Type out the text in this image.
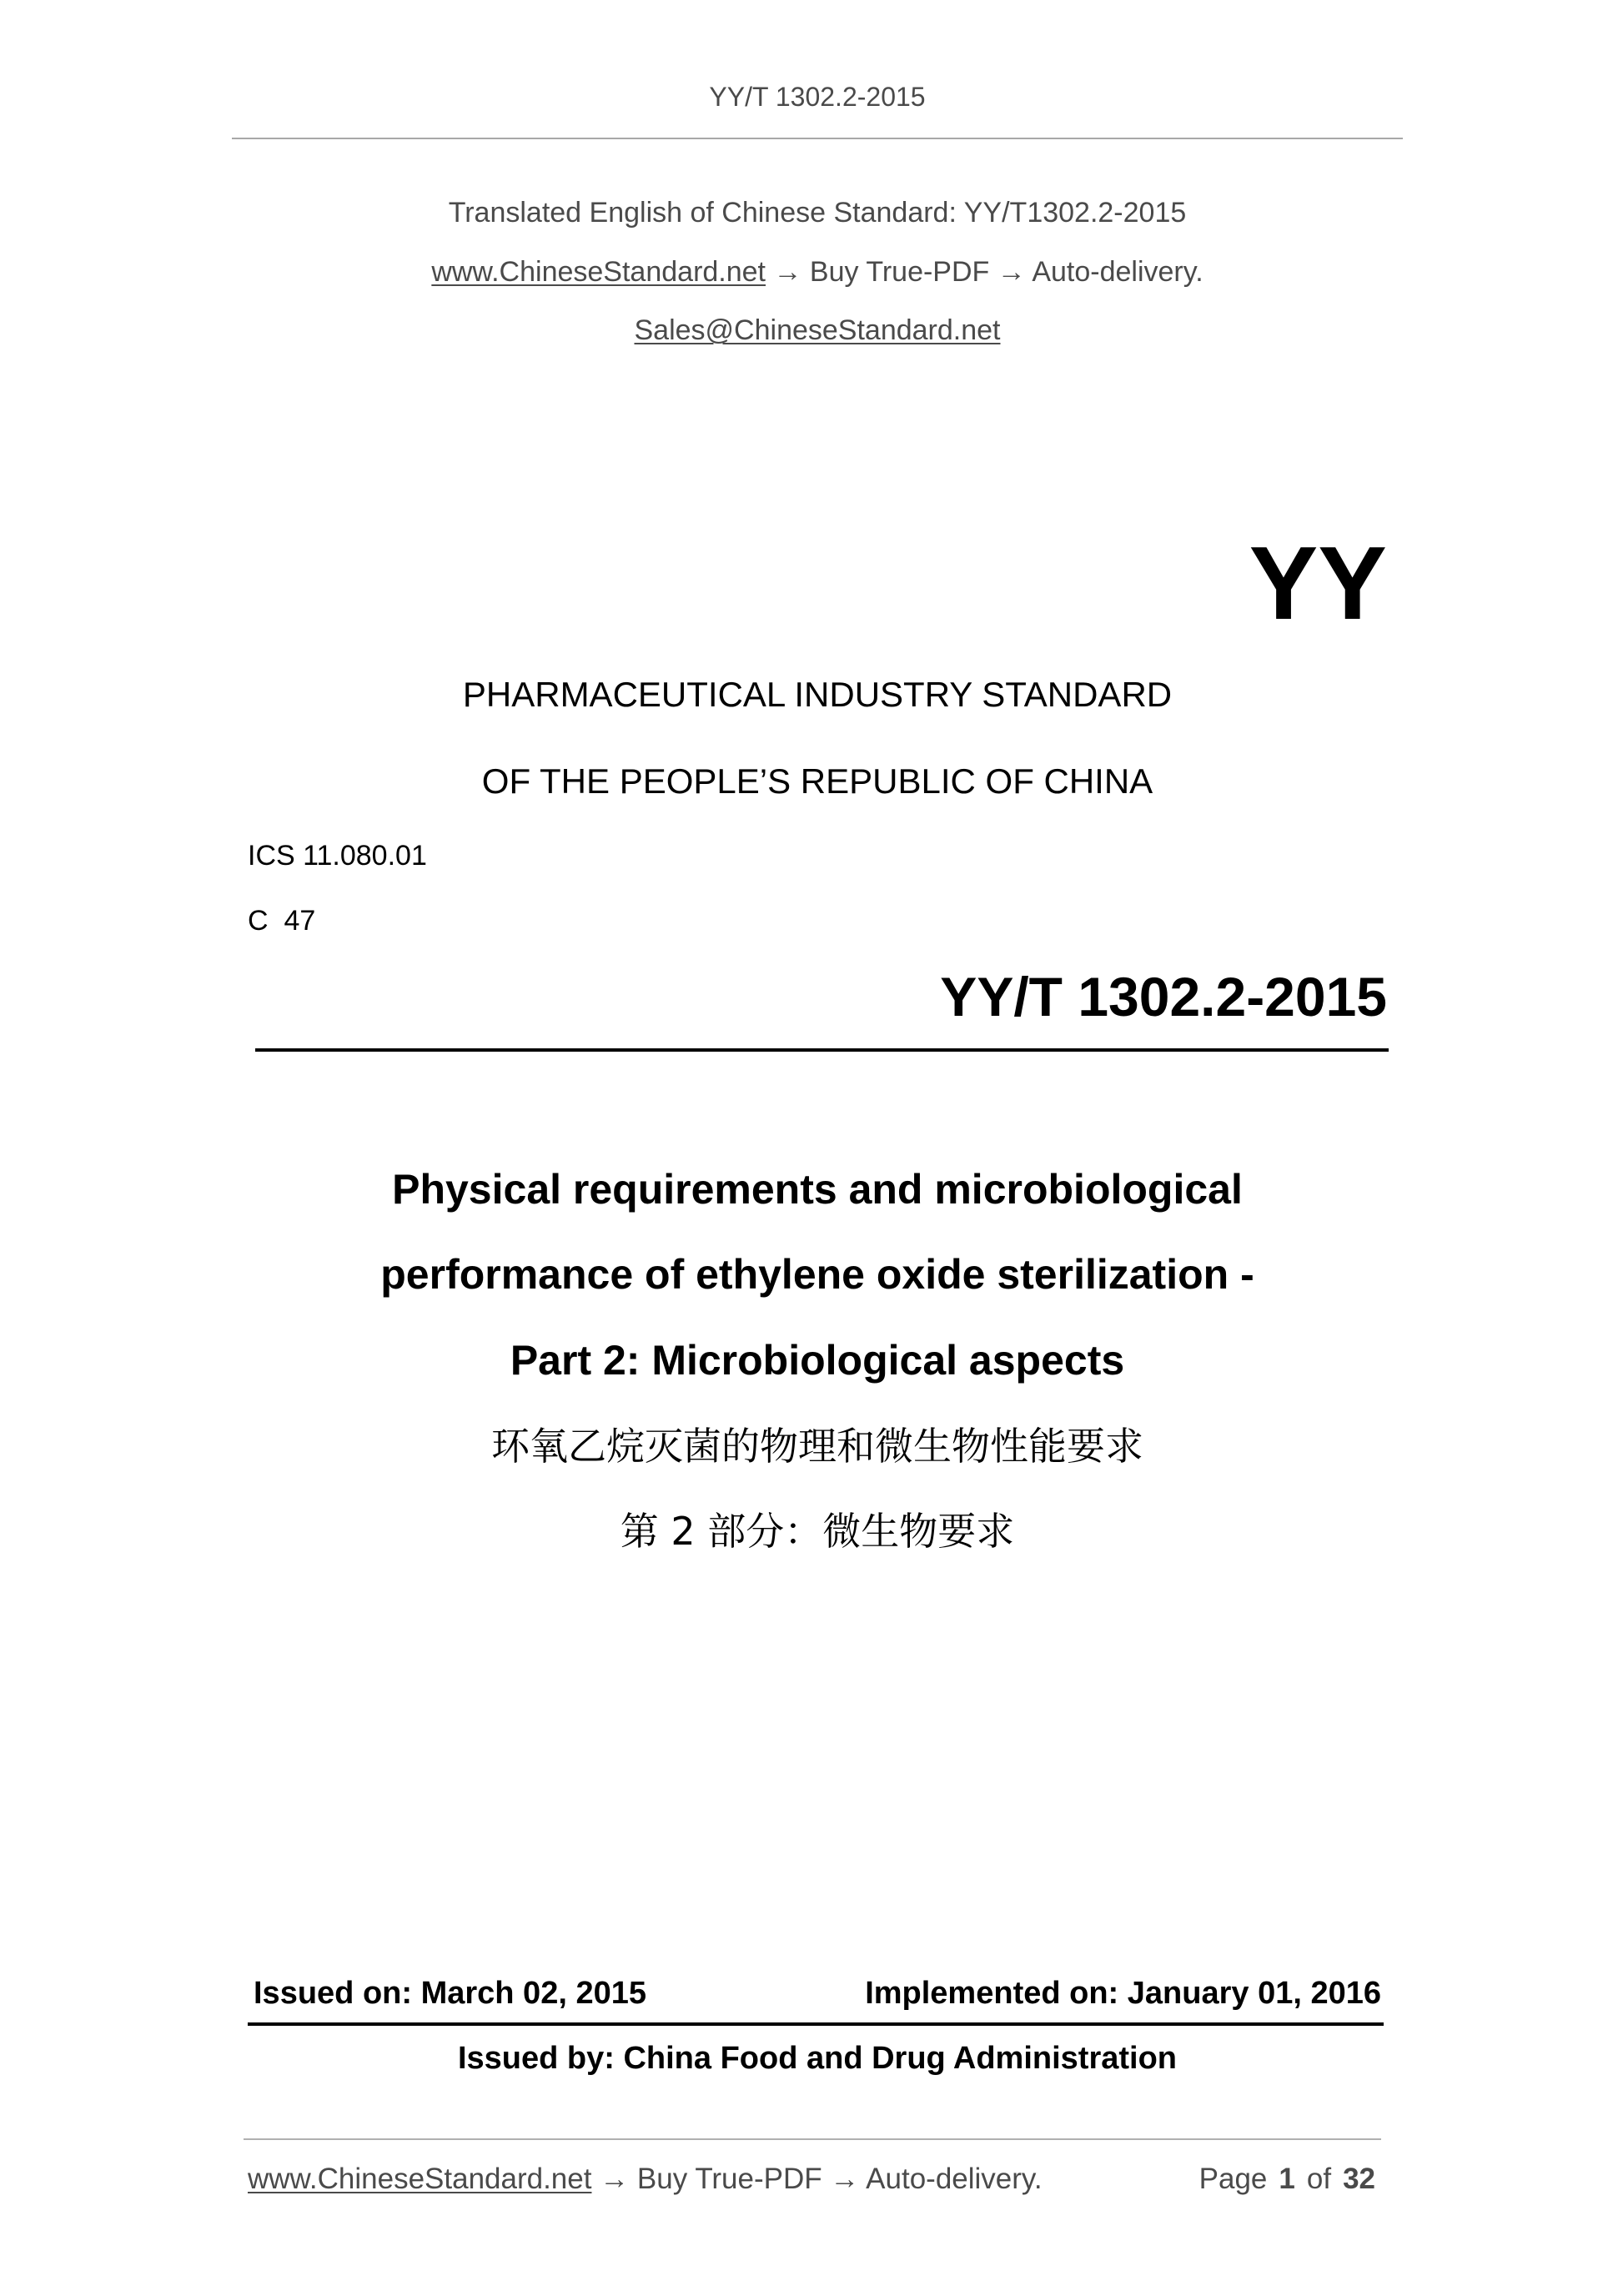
YY/T 1302.2-2015
Translated English of Chinese Standard: YY/T1302.2-2015
www.ChineseStandard.net → Buy True-PDF → Auto-delivery.
Sales@ChineseStandard.net
YY
PHARMACEUTICAL INDUSTRY STANDARD
OF THE PEOPLE’S REPUBLIC OF CHINA
ICS 11.080.01
C  47
YY/T 1302.2-2015
Physical requirements and microbiological
performance of ethylene oxide sterilization -
Part 2: Microbiological aspects
环氧乙烷灭菌的物理和微生物性能要求
第 2 部分：微生物要求
Issued on: March 02, 2015	Implemented on: January 01, 2016
Issued by: China Food and Drug Administration
www.ChineseStandard.net → Buy True-PDF → Auto-delivery.	Page 1 of 32
